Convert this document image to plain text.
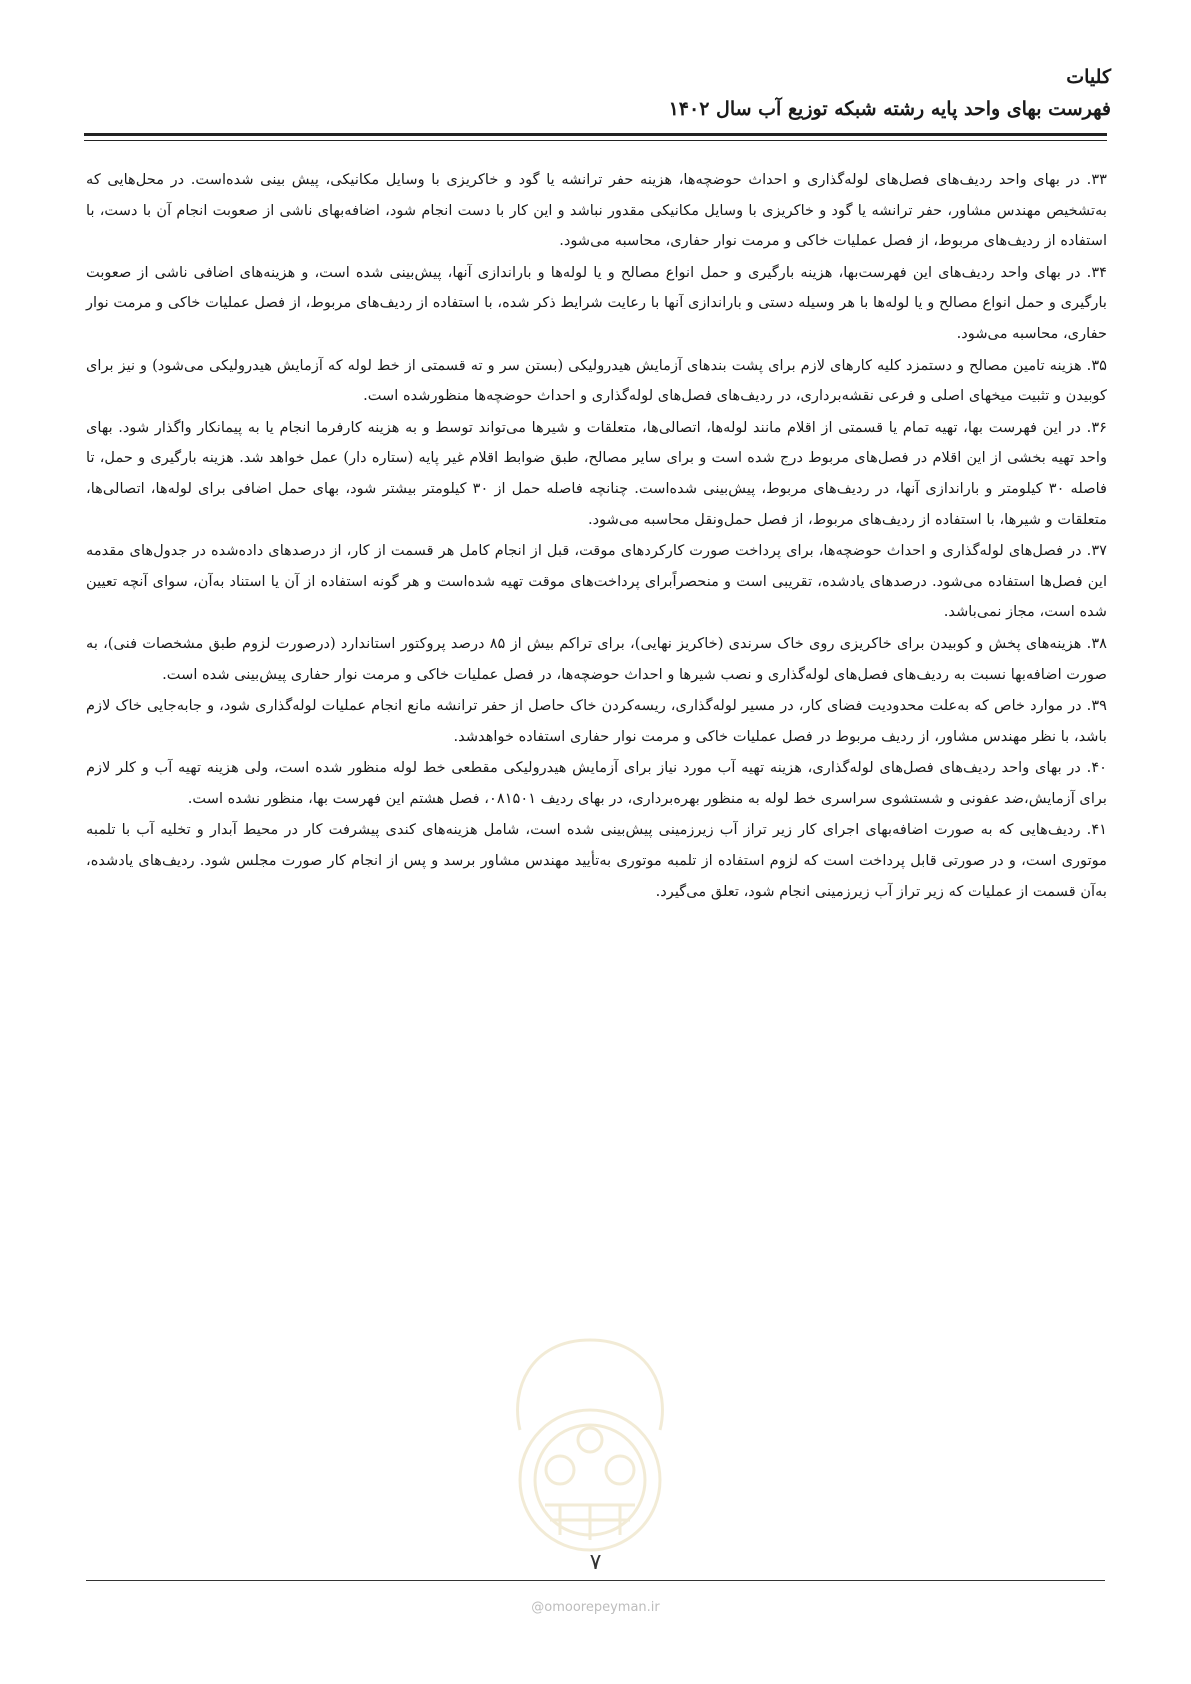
کلیات
فهرست بهای واحد پایه رشته شبکه توزیع آب سال ۱۴۰۲

۳۳. در بهای واحد ردیف‌های فصل‌های لوله‌گذاری و احداث حوضچه‌ها، هزینه حفر ترانشه یا گود و خاکریزی با وسایل مکانیکی، پیش بینی شده‌است. در محل‌هایی که به‌تشخیص مهندس مشاور، حفر ترانشه یا گود و خاکریزی با وسایل مکانیکی مقدور نباشد و این کار با دست انجام شود، اضافه‌بهای ناشی از صعوبت انجام آن با دست، با استفاده از ردیف‌های مربوط، از فصل عملیات خاکی و مرمت نوار حفاری، محاسبه می‌شود.

۳۴. در بهای واحد ردیف‌های این فهرست‌بها، هزینه بارگیری و حمل انواع مصالح و یا لوله‌ها و باراندازی آنها، پیش‌بینی شده است، و هزینه‌های اضافی ناشی از صعوبت بارگیری و حمل انواع مصالح و یا لوله‌ها با هر وسیله دستی و باراندازی آنها با رعایت شرایط ذکر شده، با استفاده از ردیف‌های مربوط، از فصل عملیات خاکی و مرمت نوار حفاری، محاسبه می‌شود.

۳۵. هزینه تامین مصالح و دستمزد کلیه کارهای لازم برای پشت بندهای آزمایش هیدرولیکی (بستن سر و ته قسمتی از خط لوله که آزمایش هیدرولیکی می‌شود) و نیز برای کوبیدن و تثبیت میخهای اصلی و فرعی نقشه‌برداری، در ردیف‌های فصل‌های لوله‌گذاری و احداث حوضچه‌ها منظورشده است.

۳۶. در این فهرست بها، تهیه تمام یا قسمتی از اقلام مانند لوله‌ها، اتصالی‌ها، متعلقات و شیرها می‌تواند توسط و به هزینه کارفرما انجام یا به پیمانکار واگذار شود. بهای واحد تهیه بخشی از این اقلام در فصل‌های مربوط درج شده است و برای سایر مصالح، طبق ضوابط اقلام غیر پایه (ستاره دار) عمل خواهد شد. هزینه بارگیری و حمل، تا فاصله ۳۰ کیلومتر و باراندازی آنها، در ردیف‌های مربوط، پیش‌بینی شده‌است. چنانچه فاصله حمل از ۳۰ کیلومتر بیشتر شود، بهای حمل اضافی برای لوله‌ها، اتصالی‌ها، متعلقات و شیرها، با استفاده از ردیف‌های مربوط، از فصل حمل‌ونقل محاسبه می‌شود.

۳۷. در فصل‌های لوله‌گذاری و احداث حوضچه‌ها، برای پرداخت صورت کارکردهای موقت، قبل از انجام کامل هر قسمت از کار، از درصدهای داده‌شده در جدول‌های مقدمه این فصل‌ها استفاده می‌شود. درصدهای یادشده، تقریبی است و منحصراًبرای پرداخت‌های موقت تهیه شده‌است و هر گونه استفاده از آن یا استناد به‌آن، سوای آنچه تعیین شده است، مجاز نمی‌باشد.

۳۸. هزینه‌های پخش و کوبیدن برای خاکریزی روی خاک سرندی (خاکریز نهایی)، برای تراکم بیش از ۸۵ درصد پروکتور استاندارد (درصورت لزوم طبق مشخصات فنی)، به صورت اضافه‌بها نسبت به ردیف‌های فصل‌های لوله‌گذاری و نصب شیرها و احداث حوضچه‌ها، در فصل عملیات خاکی و مرمت نوار حفاری پیش‌بینی شده است.

۳۹. در موارد خاص که به‌علت محدودیت فضای کار، در مسیر لوله‌گذاری، ریسه‌کردن خاک حاصل از حفر ترانشه مانع انجام عملیات لوله‌گذاری شود، و جابه‌جایی خاک لازم باشد، با نظر مهندس مشاور، از ردیف مربوط در فصل عملیات خاکی و مرمت نوار حفاری استفاده خواهدشد.

۴۰. در بهای واحد ردیف‌های فصل‌های لوله‌گذاری، هزینه تهیه آب مورد نیاز برای آزمایش هیدرولیکی مقطعی خط لوله منظور شده است، ولی هزینه تهیه آب و کلر لازم برای آزمایش،ضد عفونی و شستشوی سراسری خط لوله به منظور بهره‌برداری، در بهای ردیف ۰۸۱۵۰۱، فصل هشتم این فهرست بها، منظور نشده است.

۴۱. ردیف‌هایی که به صورت اضافه‌بهای اجرای کار زیر تراز آب زیرزمینی پیش‌بینی شده است، شامل هزینه‌های کندی پیشرفت کار در محیط آبدار و تخلیه آب با تلمبه موتوری است، و در صورتی قابل پرداخت است که لزوم استفاده از تلمبه موتوری به‌تأیید مهندس مشاور برسد و پس از انجام کار صورت مجلس شود. ردیف‌های یادشده، به‌آن قسمت از عملیات که زیر تراز آب زیرزمینی انجام شود، تعلق می‌گیرد.

۷
@omoorepeyman.ir
